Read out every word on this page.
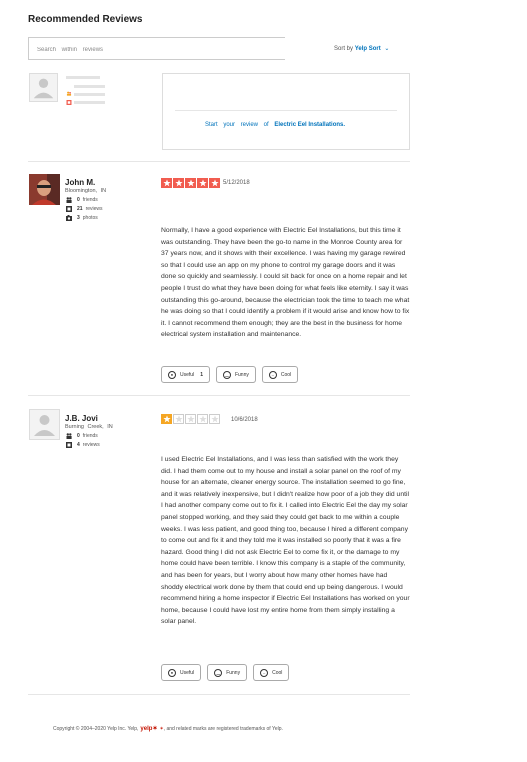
Recommended Reviews
Search within reviews
Sort by Yelp Sort ⌄
Start your review of Electric Eel Installations.
John M.
Bloomington, IN
0 friends
21 reviews
3 photos
5/12/2018
Normally, I have a good experience with Electric Eel Installations, but this time it was outstanding. They have been the go-to name in the Monroe County area for 37 years now, and it shows with their excellence. I was having my garage rewired so that I could use an app on my phone to control my garage doors and it was done so quickly and seamlessly. I could sit back for once on a home repair and let people I trust do what they have been doing for what feels like eternity. I say it was outstanding this go-around, because the electrician took the time to teach me what he was doing so that I could identify a problem if it would arise and know how to fix it. I cannot recommend them enough; they are the best in the business for home electrical system installation and maintenance.
●	Useful 1	‿	Funny	–	Cool
J.B. Jovi
Burning Creek, IN
0 friends
4 reviews
10/6/2018
I used Electric Eel Installations, and I was less than satisfied with the work they did. I had them come out to my house and install a solar panel on the roof of my house for an alternate, cleaner energy source. The installation seemed to go fine, and it was relatively inexpensive, but I didn't realize how poor of a job they did until I had another company come out to fix it. I called into Electric Eel the day my solar panel stopped working, and they said they could get back to me within a couple weeks. I was less patient, and good thing too, because I hired a different company to come out and fix it and they told me it was installed so poorly that it was a fire hazard. Good thing I did not ask Electric Eel to come fix it, or the damage to my home could have been terrible. I know this company is a staple of the community, and has been for years, but I worry about how many other homes have had shoddy electrical work done by them that could end up being dangerous. I would recommend hiring a home inspector if Electric Eel Installations has worked on your home, because I could have lost my entire home from them simply installing a solar panel.
●	Useful	‿	Funny	–	Cool
Copyright © 2004–2020 Yelp Inc. Yelp, yelp✶ ✶ , and related marks are registered trademarks of Yelp.
